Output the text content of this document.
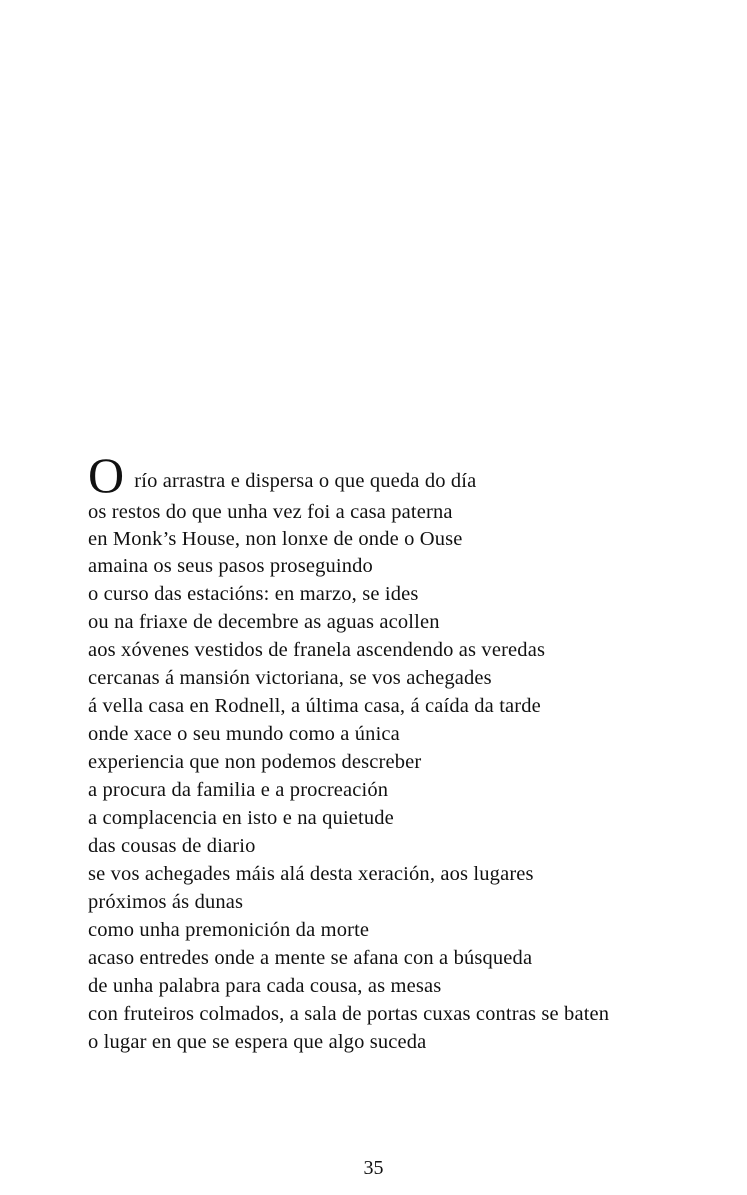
O río arrastra e dispersa o que queda do día
os restos do que unha vez foi a casa paterna
en Monk’s House, non lonxe de onde o Ouse
amaina os seus pasos proseguindo
o curso das estacións: en marzo, se ides
ou na friaxe de decembre as aguas acollen
aos xóvenes vestidos de franela ascendendo as veredas
cercanas á mansión victoriana, se vos achegades
á vella casa en Rodnell, a última casa, á caída da tarde
onde xace o seu mundo como a única
experiencia que non podemos descreber
a procura da familia e a procreación
a complacencia en isto e na quietude
das cousas de diario
se vos achegades máis alá desta xeración, aos lugares
próximos ás dunas
como unha premonición da morte
acaso entredes onde a mente se afana con a búsqueda
de unha palabra para cada cousa, as mesas
con fruteiros colmados, a sala de portas cuxas contras se baten
o lugar en que se espera que algo suceda
35
